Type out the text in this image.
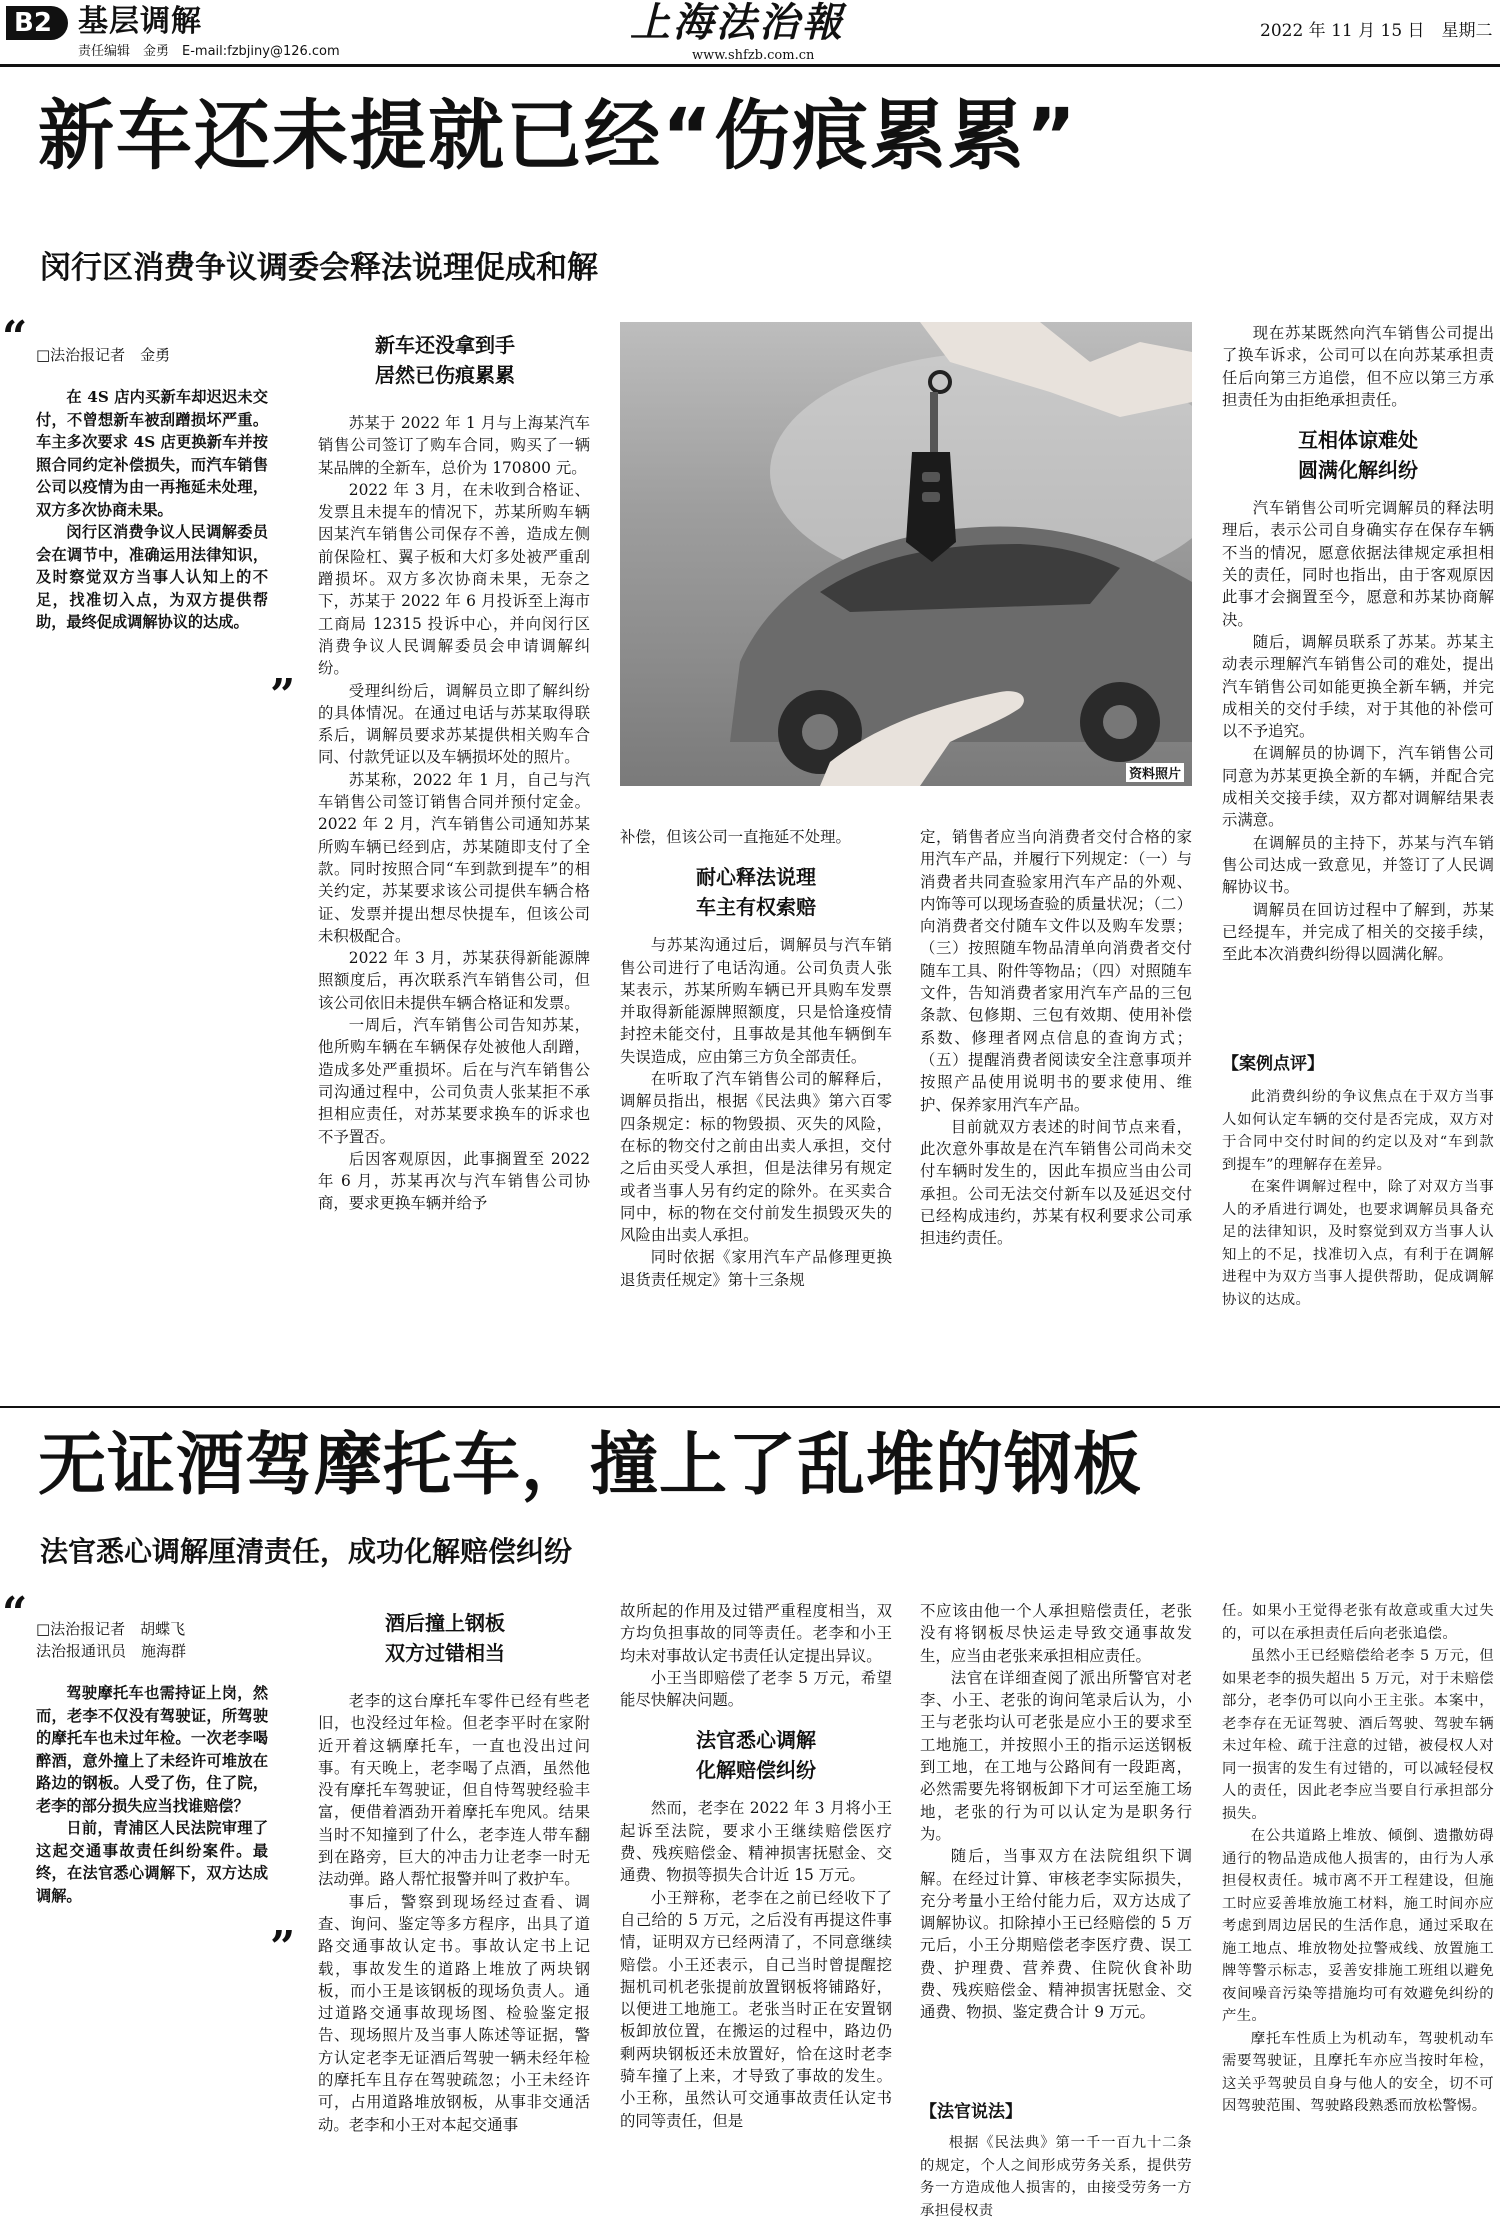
B2 基层调解
责任编辑　金勇　E-mail:fzbjiny@126.com
上海法治報
www.shfzb.com.cn
2022 年 11 月 15 日　星期二
新车还未提就已经“伤痕累累”
闵行区消费争议调委会释法说理促成和解
“ □法治报记者　金勇

在 4S 店内买新车却迟迟未交付，不曾想新车被刮蹭损坏严重。车主多次要求 4S 店更换新车并按照合同约定补偿损失，而汽车销售公司以疫情为由一再拖延未处理，双方多次协商未果。

闵行区消费争议人民调解委员会在调节中，准确运用法律知识，及时察觉双方当事人认知上的不足，找准切入点，为双方提供帮助，最终促成调解协议的达成。

”
新车还没拿到手
居然已伤痕累累

苏某于 2022 年 1 月与上海某汽车销售公司签订了购车合同，购买了一辆某品牌的全新车，总价为 170800 元。

2022 年 3 月，在未收到合格证、发票且未提车的情况下，苏某所购车辆因某汽车销售公司保存不善，造成左侧前保险杠、翼子板和大灯多处被严重刮蹭损坏。双方多次协商未果，无奈之下，苏某于 2022 年 6 月投诉至上海市工商局 12315 投诉中心，并向闵行区消费争议人民调解委员会申请调解纠纷。

受理纠纷后，调解员立即了解纠纷的具体情况。在通过电话与苏某取得联系后，调解员要求苏某提供相关购车合同、付款凭证以及车辆损坏处的照片。

苏某称，2022 年 1 月，自己与汽车销售公司签订销售合同并预付定金。2022 年 2 月，汽车销售公司通知苏某所购车辆已经到店，苏某随即支付了全款。同时按照合同“车到款到提车”的相关约定，苏某要求该公司提供车辆合格证、发票并提出想尽快提车，但该公司未积极配合。

2022 年 3 月，苏某获得新能源牌照额度后，再次联系汽车销售公司，但该公司依旧未提供车辆合格证和发票。

一周后，汽车销售公司告知苏某，他所购车辆在车辆保存处被他人刮蹭，造成多处严重损坏。后在与汽车销售公司沟通过程中，公司负责人张某拒不承担相应责任，对苏某要求换车的诉求也不予置否。

后因客观原因，此事搁置至 2022 年 6 月，苏某再次与汽车销售公司协商，要求更换车辆并给予

资料照片

补偿，但该公司一直拖延不处理。

耐心释法说理
车主有权索赔

与苏某沟通过后，调解员与汽车销售公司进行了电话沟通。公司负责人张某表示，苏某所购车辆已开具购车发票并取得新能源牌照额度，只是恰逢疫情封控未能交付，且事故是其他车辆倒车失误造成，应由第三方负全部责任。

在听取了汽车销售公司的解释后，调解员指出，根据《民法典》第六百零四条规定：标的物毁损、灭失的风险，在标的物交付之前由出卖人承担，交付之后由买受人承担，但是法律另有规定或者当事人另有约定的除外。在买卖合同中，标的物在交付前发生损毁灭失的风险由出卖人承担。

同时依据《家用汽车产品修理更换退货责任规定》第十三条规

定，销售者应当向消费者交付合格的家用汽车产品，并履行下列规定：（一）与消费者共同查验家用汽车产品的外观、内饰等可以现场查验的质量状况；（二）向消费者交付随车文件以及购车发票；（三）按照随车物品清单向消费者交付随车工具、附件等物品；（四）对照随车文件，告知消费者家用汽车产品的三包条款、包修期、三包有效期、使用补偿系数、修理者网点信息的查询方式；（五）提醒消费者阅读安全注意事项并按照产品使用说明书的要求使用、维护、保养家用汽车产品。

目前就双方表述的时间节点来看，此次意外事故是在汽车销售公司尚未交付车辆时发生的，因此车损应当由公司承担。公司无法交付新车以及延迟交付已经构成违约，苏某有权利要求公司承担违约责任。

现在苏某既然向汽车销售公司提出了换车诉求，公司可以在向苏某承担责任后向第三方追偿，但不应以第三方承担责任为由拒绝承担责任。

互相体谅难处
圆满化解纠纷

汽车销售公司听完调解员的释法明理后，表示公司自身确实存在保存车辆不当的情况，愿意依据法律规定承担相关的责任，同时也指出，由于客观原因此事才会搁置至今，愿意和苏某协商解决。

随后，调解员联系了苏某。苏某主动表示理解汽车销售公司的难处，提出汽车销售公司如能更换全新车辆，并完成相关的交付手续，对于其他的补偿可以不予追究。

在调解员的协调下，汽车销售公司同意为苏某更换全新的车辆，并配合完成相关交接手续，双方都对调解结果表示满意。

在调解员的主持下，苏某与汽车销售公司达成一致意见，并签订了人民调解协议书。

调解员在回访过程中了解到，苏某已经提车，并完成了相关的交接手续，至此本次消费纠纷得以圆满化解。

【案例点评】

此消费纠纷的争议焦点在于双方当事人如何认定车辆的交付是否完成，双方对于合同中交付时间的约定以及对“车到款到提车”的理解存在差异。

在案件调解过程中，除了对双方当事人的矛盾进行调处，也要求调解员具备充足的法律知识，及时察觉到双方当事人认知上的不足，找准切入点，有利于在调解进程中为双方当事人提供帮助，促成调解协议的达成。

无证酒驾摩托车，撞上了乱堆的钢板
法官悉心调解厘清责任，成功化解赔偿纠纷
“ □法治报记者　胡蝶飞
法治报通讯员　施海群

驾驶摩托车也需持证上岗，然而，老李不仅没有驾驶证，所驾驶的摩托车也未过年检。一次老李喝醉酒，意外撞上了未经许可堆放在路边的钢板。人受了伤，住了院，老李的部分损失应当找谁赔偿？

日前，青浦区人民法院审理了这起交通事故责任纠纷案件。最终，在法官悉心调解下，双方达成调解。

”
酒后撞上钢板
双方过错相当

老李的这台摩托车零件已经有些老旧，也没经过年检。但老李平时在家附近开着这辆摩托车，一直也没出过问事。有天晚上，老李喝了点酒，虽然他没有摩托车驾驶证，但自恃驾驶经验丰富，便借着酒劲开着摩托车兜风。结果当时不知撞到了什么，老李连人带车翻到在路旁，巨大的冲击力让老李一时无法动弹。路人帮忙报警并叫了救护车。

事后，警察到现场经过查看、调查、询问、鉴定等多方程序，出具了道路交通事故认定书。事故认定书上记载，事故发生的道路上堆放了两块钢板，而小王是该钢板的现场负责人。通过道路交通事故现场图、检验鉴定报告、现场照片及当事人陈述等证据，警方认定老李无证酒后驾驶一辆未经年检的摩托车且存在驾驶疏忽；小王未经许可，占用道路堆放钢板，从事非交通活动。老李和小王对本起交通事

故所起的作用及过错严重程度相当，双方均负担事故的同等责任。老李和小王均未对事故认定书责任认定提出异议。

小王当即赔偿了老李 5 万元，希望能尽快解决问题。

法官悉心调解
化解赔偿纠纷

然而，老李在 2022 年 3 月将小王起诉至法院，要求小王继续赔偿医疗费、残疾赔偿金、精神损害抚慰金、交通费、物损等损失合计近 15 万元。

小王辩称，老李在之前已经收下了自己给的 5 万元，之后没有再提这件事情，证明双方已经两清了，不同意继续赔偿。小王还表示，自己当时曾提醒挖掘机司机老张提前放置钢板将铺路好，以便进工地施工。老张当时正在安置钢板卸放位置，在搬运的过程中，路边仍剩两块钢板还未放置好，恰在这时老李骑车撞了上来，才导致了事故的发生。小王称，虽然认可交通事故责任认定书的同等责任，但是

不应该由他一个人承担赔偿责任，老张没有将钢板尽快运走导致交通事故发生，应当由老张来承担相应责任。

法官在详细查阅了派出所警官对老李、小王、老张的询问笔录后认为，小王与老张均认可老张是应小王的要求至工地施工，并按照小王的指示运送钢板到工地，在工地与公路间有一段距离，必然需要先将钢板卸下才可运至施工场地，老张的行为可以认定为是职务行为。

随后，当事双方在法院组织下调解。在经过计算、审核老李实际损失，充分考量小王给付能力后，双方达成了调解协议。扣除掉小王已经赔偿的 5 万元后，小王分期赔偿老李医疗费、误工费、护理费、营养费、住院伙食补助费、残疾赔偿金、精神损害抚慰金、交通费、物损、鉴定费合计 9 万元。

【法官说法】

根据《民法典》第一千一百九十二条的规定，个人之间形成劳务关系，提供劳务一方造成他人损害的，由接受劳务一方承担侵权责

任。如果小王觉得老张有故意或重大过失的，可以在承担责任后向老张追偿。

虽然小王已经赔偿给老李 5 万元，但如果老李的损失超出 5 万元，对于未赔偿部分，老李仍可以向小王主张。本案中，老李存在无证驾驶、酒后驾驶、驾驶车辆未过年检、疏于注意的过错，被侵权人对同一损害的发生有过错的，可以减轻侵权人的责任，因此老李应当要自行承担部分损失。

在公共道路上堆放、倾倒、遗撒妨碍通行的物品造成他人损害的，由行为人承担侵权责任。城市离不开工程建设，但施工时应妥善堆放施工材料，施工时间亦应考虑到周边居民的生活作息，通过采取在施工地点、堆放物处拉警戒线、放置施工牌等警示标志，妥善安排施工班组以避免夜间噪音污染等措施均可有效避免纠纷的产生。

摩托车性质上为机动车，驾驶机动车需要驾驶证，且摩托车亦应当按时年检，这关乎驾驶员自身与他人的安全，切不可因驾驶范围、驾驶路段熟悉而放松警惕。
